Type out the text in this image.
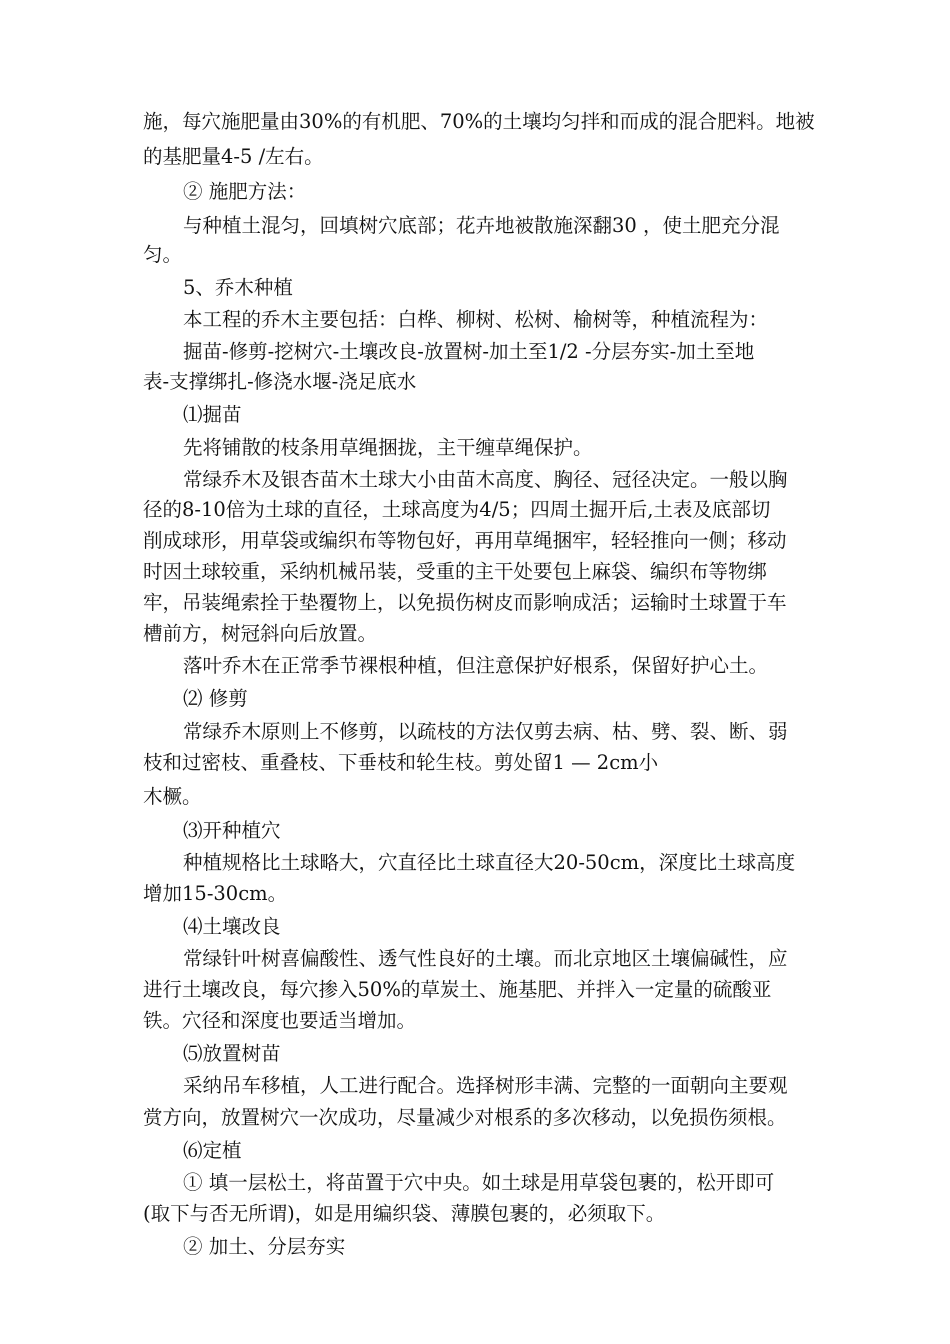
施，每穴施肥量由30%的有机肥、70%的土壤均匀拌和而成的混合肥料。地被
的基肥量4-5 /左右。
② 施肥方法：
与种植土混匀，回填树穴底部；花卉地被散施深翻30 ，使土肥充分混
匀。
5、乔木种植
本工程的乔木主要包括：白桦、柳树、松树、榆树等，种植流程为：
掘苗-修剪-挖树穴-土壤改良-放置树-加土至1/2 -分层夯实-加土至地
表-支撑绑扎-修浇水堰-浇足底水
⑴掘苗
先将铺散的枝条用草绳捆拢，主干缠草绳保护。
常绿乔木及银杏苗木土球大小由苗木高度、胸径、冠径决定。一般以胸
径的8-10倍为土球的直径，土球高度为4/5；四周土掘开后,土表及底部切
削成球形，用草袋或编织布等物包好，再用草绳捆牢，轻轻推向一侧；移动
时因土球较重，采纳机械吊装，受重的主干处要包上麻袋、编织布等物绑
牢，吊装绳索拴于垫覆物上，以免损伤树皮而影响成活；运输时土球置于车
槽前方，树冠斜向后放置。
落叶乔木在正常季节裸根种植，但注意保护好根系，保留好护心土。
⑵ 修剪
常绿乔木原则上不修剪，以疏枝的方法仅剪去病、枯、劈、裂、断、弱
枝和过密枝、重叠枝、下垂枝和轮生枝。剪处留1 — 2cm小
木橛。
⑶开种植穴
种植规格比土球略大，穴直径比土球直径大20-50cm，深度比土球高度
增加15-30cm。
⑷土壤改良
常绿针叶树喜偏酸性、透气性良好的土壤。而北京地区土壤偏碱性，应
进行土壤改良，每穴掺入50%的草炭土、施基肥、并拌入一定量的硫酸亚
铁。穴径和深度也要适当增加。
⑸放置树苗
采纳吊车移植，人工进行配合。选择树形丰满、完整的一面朝向主要观
赏方向，放置树穴一次成功，尽量减少对根系的多次移动，以免损伤须根。
⑹定植
① 填一层松土，将苗置于穴中央。如土球是用草袋包裹的，松开即可
(取下与否无所谓)，如是用编织袋、薄膜包裹的，必须取下。
② 加土、分层夯实
